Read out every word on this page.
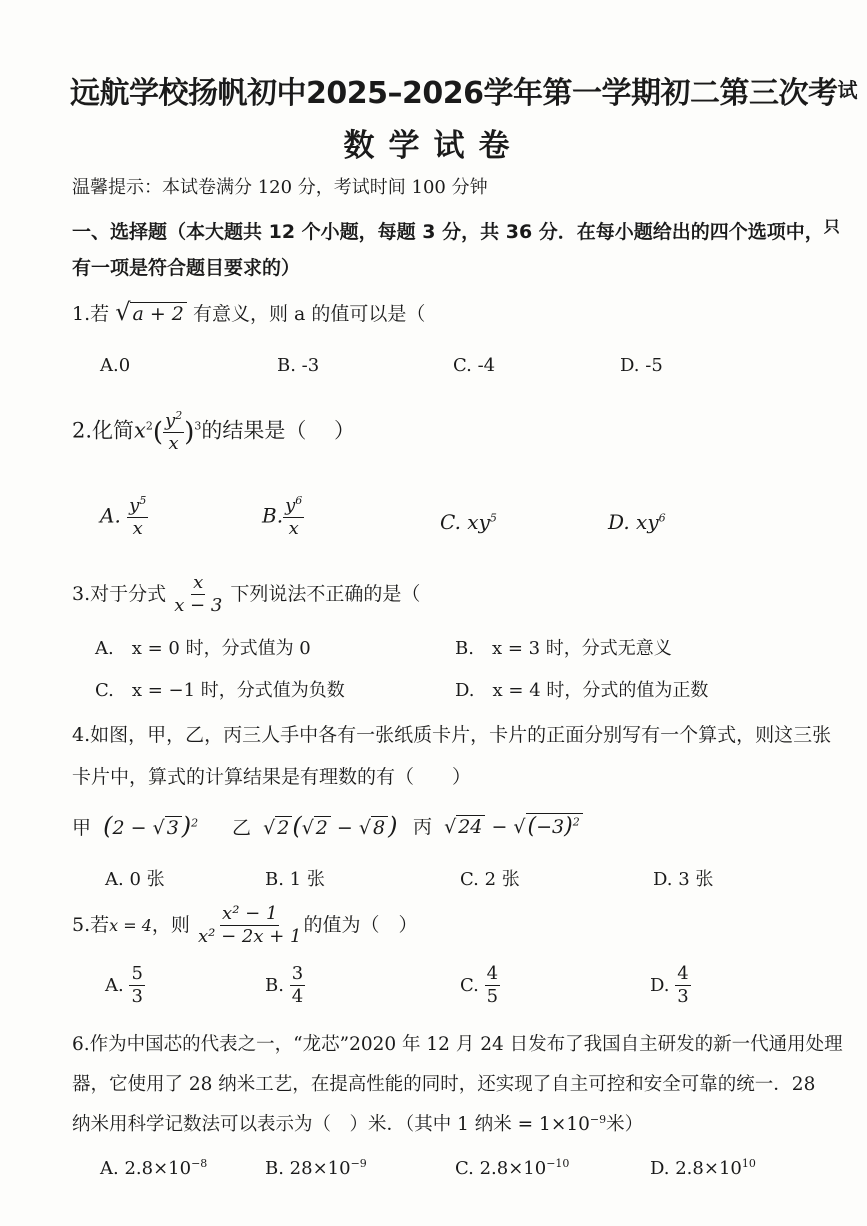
远航学校扬帆初中2025–2026学年第一学期初二第三次考$^试$
数学试卷
温馨提示：本试卷满分 120 分，考试时间 100 分钟
一、选择题（本大题共 12 个小题，每题 3 分，共 36 分．在每小题给出的四个选项中，$^只$
有一项是符合题目要求的）
1.若 √ a + 2 有意义，则 a 的值可以是（
A.0	B. -3	C. -4	D. -5
2.化简$x^2( \frac{y^2}{x} )^3$的结果是（　 ）
A. $\frac{y^5}{x}$	B. $\frac{y^6}{x}$	C. $xy^5$	D. $xy^6$
3.对于分式 $\frac{x}{x - 3}$ 下列说法不正确的是（
A.　x = 0 时，分式值为 0	B.　x = 3 时，分式无意义
C.　x = −1 时，分式值为负数	D.　x = 4 时，分式的值为正数
4.如图，甲，乙，丙三人手中各有一张纸质卡片，卡片的正面分别写有一个算式，则这三张
卡片中，算式的计算结果是有理数的有（　　）
甲 (2 − √ 3 )$^2$ 乙  √ 2 (√ 2 − √ 8 ) 丙  √ $24 - √(-3)^2$
A. 0 张	B. 1 张	C. 2 张	D. 3 张
5.若x = 4，则 $\frac{\text{x² − 1}}{\text{x² − 2x + 1}}$ 的值为（　）
A. $\frac{5}{3}$	B. $\frac{3}{4}$	C. $\frac{4}{5}$	D. $\frac{4}{3}$
6.作为中国芯的代表之一，“龙芯”2020 年 12 月 24 日发布了我国自主研发的新一代通用处理
器，它使用了 28 纳米工艺，在提高性能的同时，还实现了自主可控和安全可靠的统一．28
纳米用科学记数法可以表示为（　）米．（其中 1 纳米 = $1\times 10^{-9}$米）
A. $2.8\times 10^{-8}$	B. $28\times 10^{-9}$	C. $2.8\times 10^{-10}$	D. $2.8\times 10^{10}$
